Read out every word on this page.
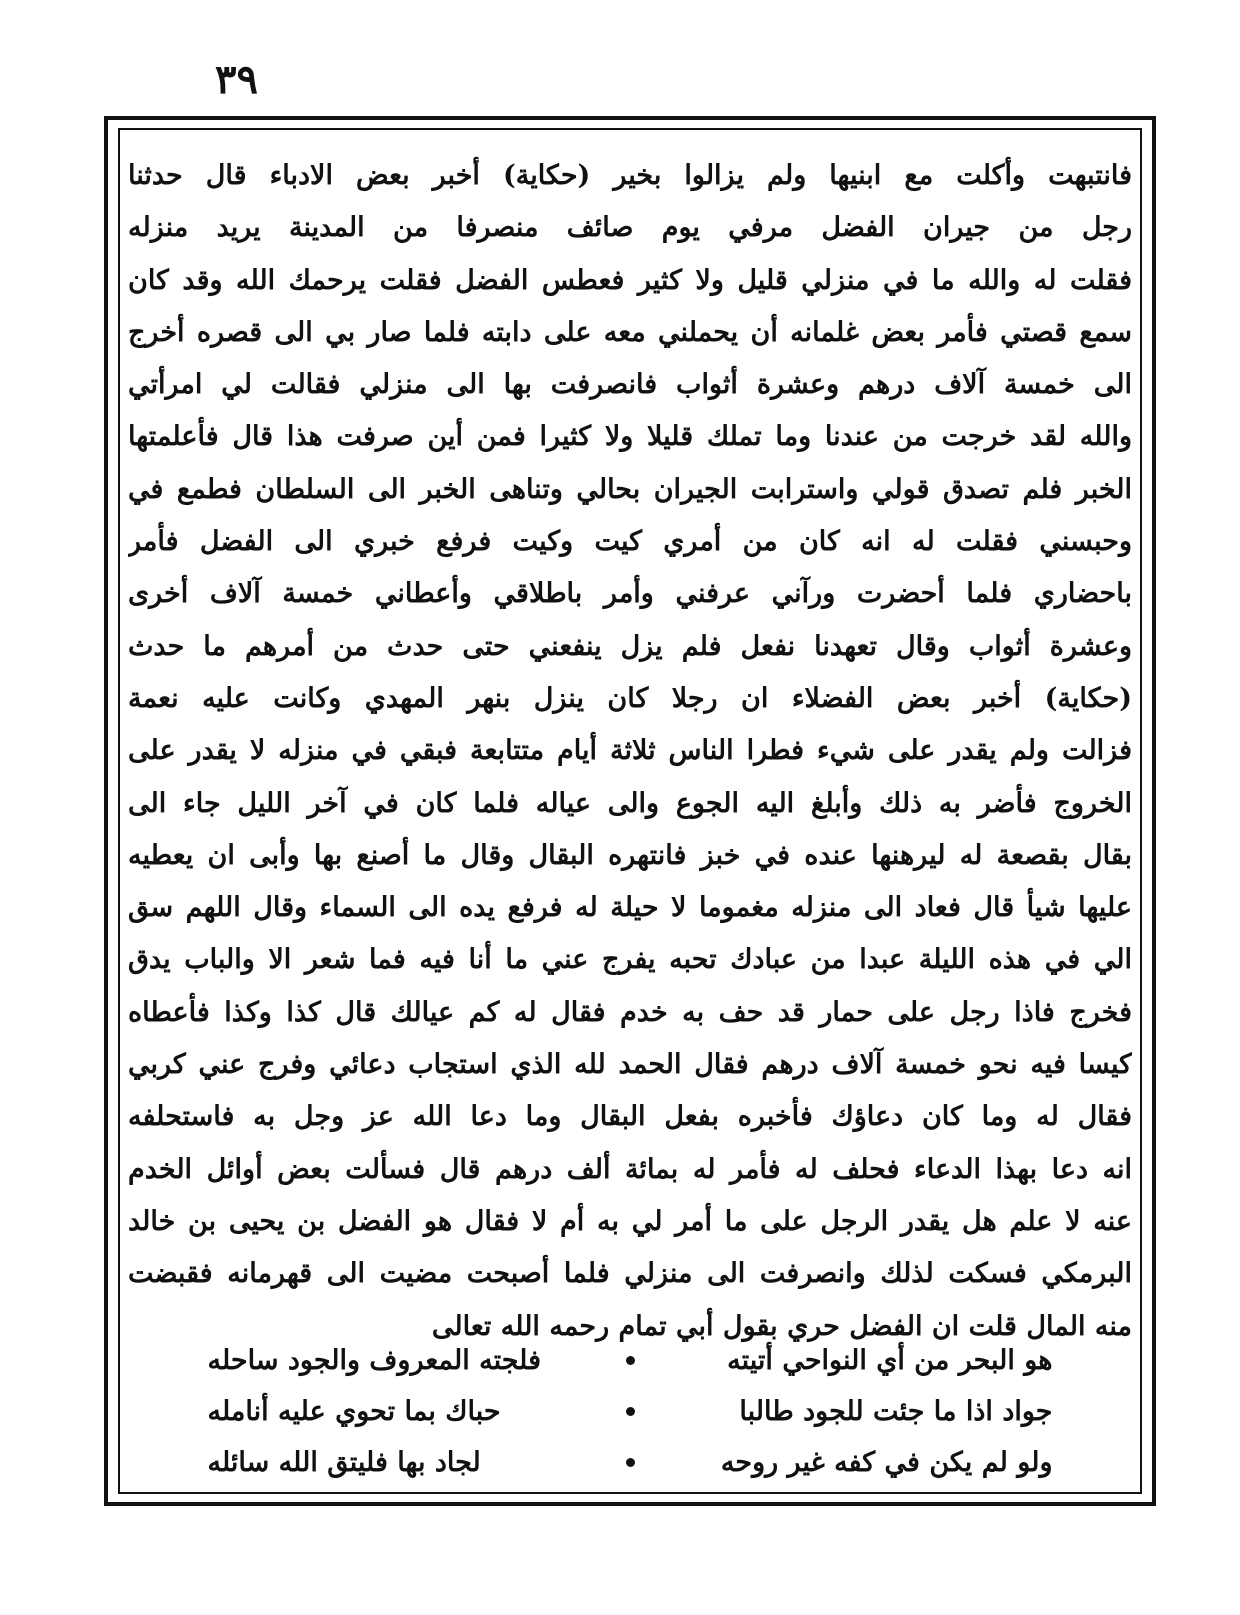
٣٩
فانتبهت وأكلت مع ابنيها ولم يزالوا بخير (حكاية) أخبر بعض الادباء قال حدثنا
رجل من جيران الفضل مرفي يوم صائف منصرفا من المدينة يريد منزله
فقلت له والله ما في منزلي قليل ولا كثير فعطس الفضل فقلت يرحمك الله وقد كان
سمع قصتي فأمر بعض غلمانه أن يحملني معه على دابته فلما صار بي الى قصره أخرج
الى خمسة آلاف درهم وعشرة أثواب فانصرفت بها الى منزلي فقالت لي امرأتي
والله لقد خرجت من عندنا وما تملك قليلا ولا كثيرا فمن أين صرفت هذا قال فأعلمتها
الخبر فلم تصدق قولي واسترابت الجيران بحالي وتناهى الخبر الى السلطان فطمع في
وحبسني فقلت له انه كان من أمري كيت وكيت فرفع خبري الى الفضل فأمر
باحضاري فلما أحضرت ورآني عرفني وأمر باطلاقي وأعطاني خمسة آلاف أخرى
وعشرة أثواب وقال تعهدنا نفعل فلم يزل ينفعني حتى حدث من أمرهم ما حدث
(حكاية) أخبر بعض الفضلاء ان رجلا كان ينزل بنهر المهدي وكانت عليه نعمة
فزالت ولم يقدر على شيء فطرا الناس ثلاثة أيام متتابعة فبقي في منزله لا يقدر على
الخروج فأضر به ذلك وأبلغ اليه الجوع والى عياله فلما كان في آخر الليل جاء الى
بقال بقصعة له ليرهنها عنده في خبز فانتهره البقال وقال ما أصنع بها وأبى ان يعطيه
عليها شيأ قال فعاد الى منزله مغموما لا حيلة له فرفع يده الى السماء وقال اللهم سق
الي في هذه الليلة عبدا من عبادك تحبه يفرج عني ما أنا فيه فما شعر الا والباب يدق
فخرج فاذا رجل على حمار قد حف به خدم فقال له كم عيالك قال كذا وكذا فأعطاه
كيسا فيه نحو خمسة آلاف درهم فقال الحمد لله الذي استجاب دعائي وفرج عني كربي
فقال له وما كان دعاؤك فأخبره بفعل البقال وما دعا الله عز وجل به فاستحلفه
انه دعا بهذا الدعاء فحلف له فأمر له بمائة ألف درهم قال فسألت بعض أوائل الخدم
عنه لا علم هل يقدر الرجل على ما أمر لي به أم لا فقال هو الفضل بن يحيى بن خالد
البرمكي فسكت لذلك وانصرفت الى منزلي فلما أصبحت مضيت الى قهرمانه فقبضت
منه المال قلت ان الفضل حري بقول أبي تمام رحمه الله تعالى
هو البحر من أي النواحي أتيته
فلجته المعروف والجود ساحله
جواد اذا ما جئت للجود طالبا
حباك بما تحوي عليه أنامله
ولو لم يكن في كفه غير روحه
لجاد بها فليتق الله سائله
